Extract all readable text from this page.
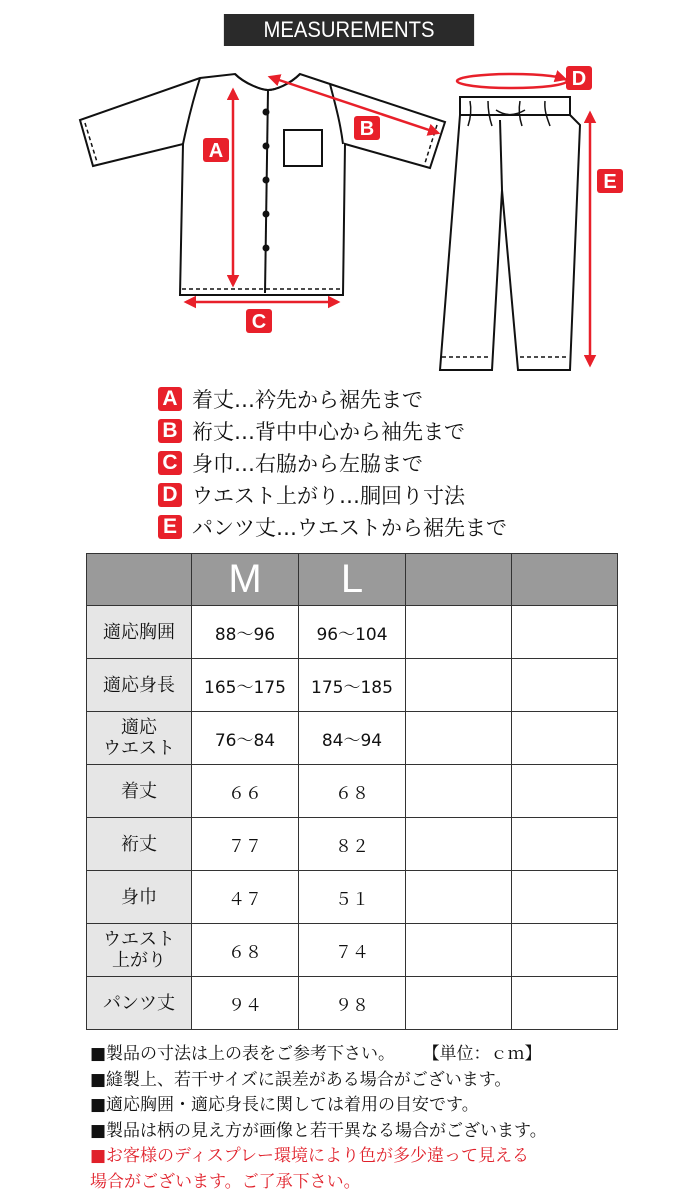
MEASUREMENTS
A
B
C
D
E
A 着丈…衿先から裾先まで
B 裄丈…背中中心から袖先まで
C 身巾…右脇から左脇まで
D ウエスト上がり…胴回り寸法
E パンツ丈…ウエストから裾先まで
	M	L		
適応胸囲	88～96	96～104		
適応身長	165～175	175～185		
適応
ウエスト	76～84	84～94		
着丈	６６	６８		
裄丈	７７	８２		
身巾	４７	５１		
ウエスト
上がり	６８	７４		
パンツ丈	９４	９８		
■製品の寸法は上の表をご参考下さい。 【単位：ｃｍ】
■縫製上、若干サイズに誤差がある場合がございます。
■適応胸囲・適応身長に関しては着用の目安です。
■製品は柄の見え方が画像と若干異なる場合がございます。
■お客様のディスプレー環境により色が多少違って見える
場合がございます。ご了承下さい。
